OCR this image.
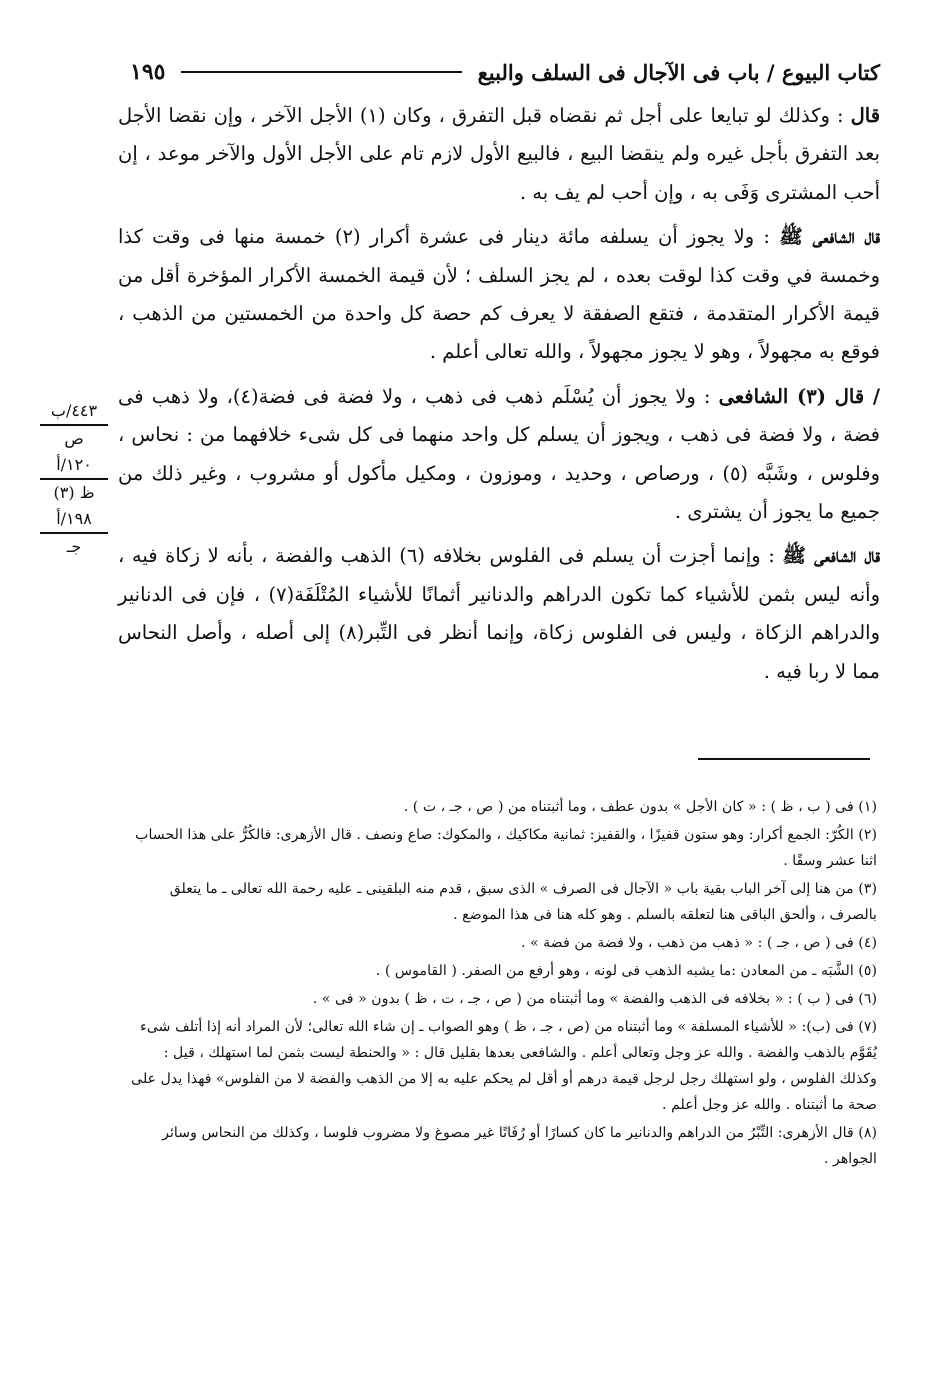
كتاب البيوع / باب فى الآجال فى السلف والبيع
١٩٥
٤٤٣/ب
ص
١٢٠/أ
ظ (٣)
١٩٨/أ
جـ

قال : وكذلك لو تبايعا على أجل ثم نقضاه قبل التفرق ، وكان (١) الأجل الآخر ، وإن نقضا الأجل بعد التفرق بأجل غيره ولم ينقضا البيع ، فالبيع الأول لازم تام على الأجل الأول والآخر موعد ، إن أحب المشترى وَفَى به ، وإن أحب لم يف به .

قال الشافعى ﷺ : ولا يجوز أن يسلفه مائة دينار فى عشرة أكرار (٢) خمسة منها فى وقت كذا وخمسة في وقت كذا لوقت بعده ، لم يجز السلف ؛ لأن قيمة الخمسة الأكرار المؤخرة أقل من قيمة الأكرار المتقدمة ، فتقع الصفقة لا يعرف كم حصة كل واحدة من الخمستين من الذهب ، فوقع به مجهولاً ، وهو لا يجوز مجهولاً ، والله تعالى أعلم .

/ قال (٣) الشافعى : ولا يجوز أن يُسْلَم ذهب فى ذهب ، ولا فضة فى فضة(٤)، ولا ذهب فى فضة ، ولا فضة فى ذهب ، ويجوز أن يسلم كل واحد منهما فى كل شىء خلافهما من : نحاس ، وفلوس ، وشَبَّه (٥) ، ورصاص ، وحديد ، وموزون ، ومكيل مأكول أو مشروب ، وغير ذلك من جميع ما يجوز أن يشترى .

قال الشافعى ﷺ : وإنما أجزت أن يسلم فى الفلوس بخلافه (٦) الذهب والفضة ، بأنه لا زكاة فيه ، وأنه ليس بثمن للأشياء كما تكون الدراهم والدنانير أثمانًا للأشياء المُتْلَفَة(٧) ، فإن فى الدنانير والدراهم الزكاة ، وليس فى الفلوس زكاة، وإنما أنظر فى التِّبر(٨) إلى أصله ، وأصل النحاس مما لا ربا فيه .

(١) فى ( ب ، ظ ) : « كان الأجل » بدون عطف ، وما أثبتناه من ( ص ، جـ ، ت ) .

(٢) الكُرّ: الجمع أكرار: وهو ستون قفيزًا ، والقفيز: ثمانية مكاكيك ، والمكوك: صاع ونصف . قال الأزهرى: فالكُرُّ على هذا الحساب اثنا عشر وسقًا .

(٣) من هنا إلى آخر الباب بقية باب « الآجال فى الصرف » الذى سبق ، قدم منه البلقينى ـ عليه رحمة الله تعالى ـ ما يتعلق بالصرف ، وألحق الباقى هنا لتعلقه بالسلم . وهو كله هنا فى هذا الموضع .

(٤) فى ( ص ، جـ ) : « ذهب من ذهب ، ولا فضة من فضة » .

(٥) الشَّبَه ـ من المعادن :ما يشبه الذهب فى لونه ، وهو أرفع من الصفر. ( القاموس ) .

(٦) فى ( ب ) : « بخلافه فى الذهب والفضة » وما أثبتناه من ( ص ، جـ ، ت ، ظ ) بدون « فى » .

(٧) فى (ب): « للأشياء المسلفة » وما أثبتناه من (ص ، جـ ، ظ ) وهو الصواب ـ إن شاء الله تعالى؛ لأن المراد أنه إذا أتلف شىء يُقَوَّم بالذهب والفضة . والله عز وجل وتعالى أعلم . والشافعى بعدها بقليل قال : « والحنطة ليست بثمن لما استهلك ، قيل : وكذلك الفلوس ، ولو استهلك رجل لرجل قيمة درهم أو أقل لم يحكم عليه به إلا من الذهب والفضة لا من الفلوس» فهذا يدل على صحة ما أثبتناه . والله عز وجل أعلم .

(٨) قال الأزهرى: التِّبْرُ من الدراهم والدنانير ما كان كسارًا أو رُفَاتًا غير مصوغ ولا مضروب فلوسا ، وكذلك من النحاس وسائر الجواهر .
